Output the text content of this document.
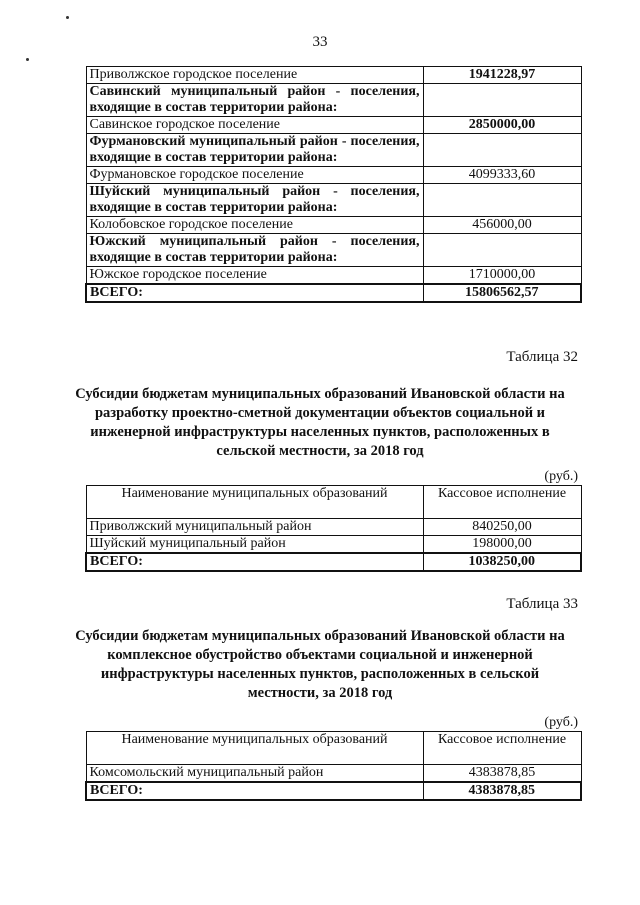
33
Приволжское городское поселение	1941228,97
Савинский муниципальный район - поселения, входящие в состав территории района:	
Савинское городское поселение	2850000,00
Фурмановский муниципальный район - поселения, входящие в состав территории района:	
Фурмановское городское поселение	4099333,60
Шуйский муниципальный район - поселения, входящие в состав территории района:	
Колобовское городское поселение	456000,00
Южский муниципальный район - поселения, входящие в состав территории района:	
Южское городское поселение	1710000,00
ВСЕГО:	15806562,57
Таблица 32
Субсидии бюджетам муниципальных образований Ивановской области на разработку проектно-сметной документации объектов социальной и инженерной инфраструктуры населенных пунктов, расположенных в сельской местности, за 2018 год
(руб.)
Наименование муниципальных образований	Кассовое исполнение
Приволжский муниципальный район	840250,00
Шуйский муниципальный район	198000,00
ВСЕГО:	1038250,00
Таблица 33
Субсидии бюджетам муниципальных образований Ивановской области на комплексное обустройство объектами социальной и инженерной инфраструктуры населенных пунктов, расположенных в сельской местности, за 2018 год
(руб.)
Наименование муниципальных образований	Кассовое исполнение
Комсомольский муниципальный район	4383878,85
ВСЕГО:	4383878,85
